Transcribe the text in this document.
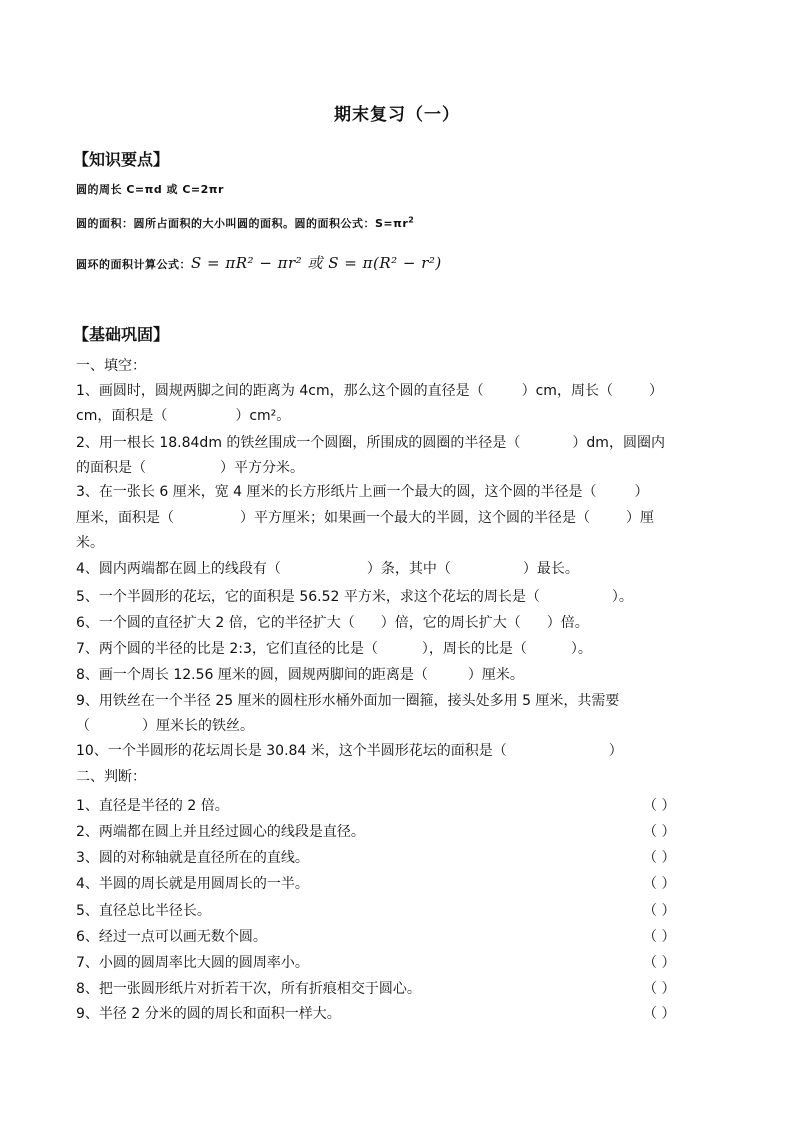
期末复习（一）
【知识要点】
圆的周长 C=πd 或 C=2πr
圆的面积：圆所占面积的大小叫圆的面积。圆的面积公式：$S=\pi r^2$
圆环的面积计算公式：S = πR² − πr² 或 S = π(R² − r²)
【基础巩固】
一、填空：
1、画圆时，圆规两脚之间的距离为 4cm，那么这个圆的直径是（	）cm，周长（	）
cm，面积是（	）cm²。
2、用一根长 18.84dm 的铁丝围成一个圆圈，所围成的圆圈的半径是（	）dm，圆圈内
的面积是（	）平方分米。
3、在一张长 6 厘米，宽 4 厘米的长方形纸片上画一个最大的圆，这个圆的半径是（	）
厘米，面积是（	）平方厘米；如果画一个最大的半圆，这个圆的半径是（	）厘
米。
4、圆内两端都在圆上的线段有（	）条，其中（	）最长。
5、一个半圆形的花坛，它的面积是 56.52 平方米，求这个花坛的周长是（	）。
6、一个圆的直径扩大 2 倍，它的半径扩大（ ）倍，它的周长扩大（ ）倍。
7、两个圆的半径的比是 2:3，它们直径的比是（	），周长的比是（	）。
8、画一个周长 12.56 厘米的圆，圆规两脚间的距离是（	）厘米。
9、用铁丝在一个半径 25 厘米的圆柱形水桶外面加一圈箍，接头处多用 5 厘米，共需要
（	）厘米长的铁丝。
10、一个半圆形的花坛周长是 30.84 米，这个半圆形花坛的面积是（	）
二、判断：
1、直径是半径的 2 倍。	（ ）
2、两端都在圆上并且经过圆心的线段是直径。	（ ）
3、圆的对称轴就是直径所在的直线。	（ ）
4、半圆的周长就是用圆周长的一半。	（ ）
5、直径总比半径长。	（ ）
6、经过一点可以画无数个圆。	（ ）
7、小圆的圆周率比大圆的圆周率小。	（ ）
8、把一张圆形纸片对折若干次，所有折痕相交于圆心。	（ ）
9、半径 2 分米的圆的周长和面积一样大。	（ ）
